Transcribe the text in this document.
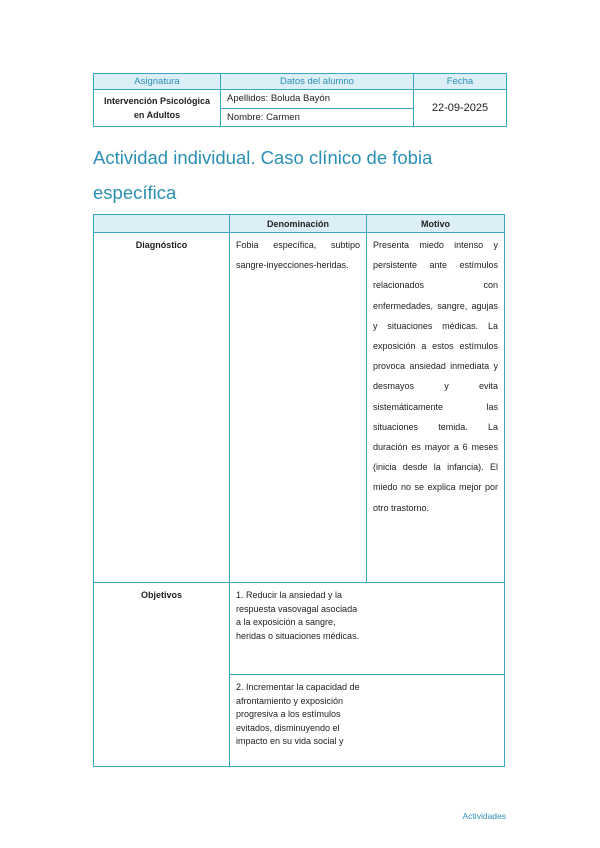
Asignatura	Datos del alumno	Fecha
Intervención Psicológica en Adultos	Apellidos: Boluda Bayón	22-09-2025
	Nombre: Carmen	
Actividad individual. Caso clínico de fobia específica
	Denominación	Motivo
Diagnóstico	Fobia específica, subtipo sangre-inyecciones-heridas.	Presenta miedo intenso y persistente ante estímulos relacionados con enfermedades, sangre, agujas y situaciones médicas. La exposición a estos estímulos provoca ansiedad inmediata y desmayos y evita sistemáticamente las situaciones temida. La duración es mayor a 6 meses (inicia desde la infancia). El miedo no se explica mejor por otro trastorno.
Objetivos	1. Reducir la ansiedad y la respuesta vasovagal asociada a la exposición a sangre, heridas o situaciones médicas.	

	2. Incrementar la capacidad de afrontamiento y exposición progresiva a los estímulos evitados, disminuyendo el impacto en su vida social y	
Actividades
